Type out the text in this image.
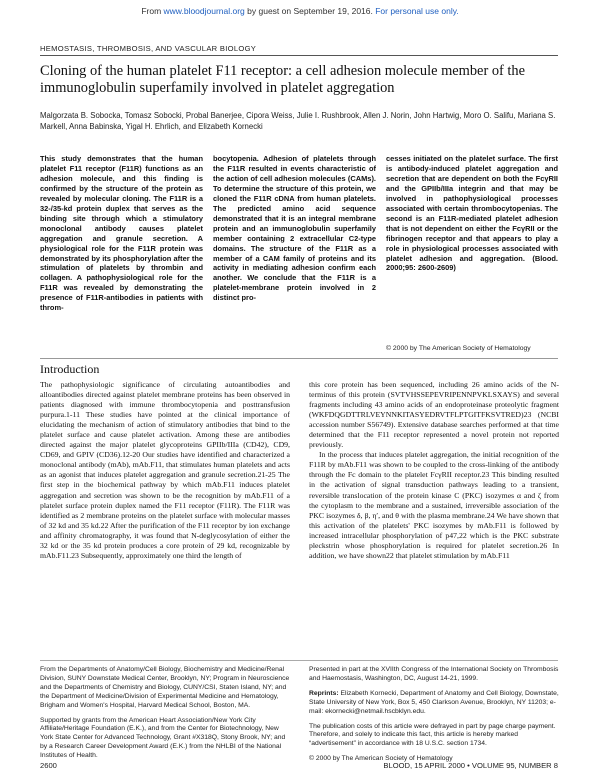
From www.bloodjournal.org by guest on September 19, 2016. For personal use only.
HEMOSTASIS, THROMBOSIS, AND VASCULAR BIOLOGY
Cloning of the human platelet F11 receptor: a cell adhesion molecule member of the immunoglobulin superfamily involved in platelet aggregation
Malgorzata B. Sobocka, Tomasz Sobocki, Probal Banerjee, Cipora Weiss, Julie I. Rushbrook, Allen J. Norin, John Hartwig, Moro O. Salifu, Mariana S. Markell, Anna Babinska, Yigal H. Ehrlich, and Elizabeth Kornecki
This study demonstrates that the human platelet F11 receptor (F11R) functions as an adhesion molecule, and this finding is confirmed by the structure of the protein as revealed by molecular cloning. The F11R is a 32-/35-kd protein duplex that serves as the binding site through which a stimulatory monoclonal antibody causes platelet aggregation and granule secretion. A physiological role for the F11R protein was demonstrated by its phosphorylation after the stimulation of platelets by thrombin and collagen. A pathophysiological role for the F11R was revealed by demonstrating the presence of F11R-antibodies in patients with throm-
bocytopenia. Adhesion of platelets through the F11R resulted in events characteristic of the action of cell adhesion molecules (CAMs). To determine the structure of this protein, we cloned the F11R cDNA from human platelets. The predicted amino acid sequence demonstrated that it is an integral membrane protein and an immunoglobulin superfamily member containing 2 extracellular C2-type domains. The structure of the F11R as a member of a CAM family of proteins and its activity in mediating adhesion confirm each another. We conclude that the F11R is a platelet-membrane protein involved in 2 distinct pro-
cesses initiated on the platelet surface. The first is antibody-induced platelet aggregation and secretion that are dependent on both the FcγRII and the GPIIb/IIIa integrin and that may be involved in pathophysiological processes associated with certain thrombocytopenias. The second is an F11R-mediated platelet adhesion that is not dependent on either the FcγRII or the fibrinogen receptor and that appears to play a role in physiological processes associated with platelet adhesion and aggregation. (Blood. 2000;95: 2600-2609)
© 2000 by The American Society of Hematology
Introduction

The pathophysiologic significance of circulating autoantibodies and alloantibodies directed against platelet membrane proteins has been observed in patients diagnosed with immune thrombocytopenia and posttransfusion purpura.1-11 These studies have pointed at the clinical importance of elucidating the mechanism of action of stimulatory antibodies that bind to the platelet surface and cause platelet activation. Among these are antibodies directed against the major platelet glycoproteins GPIIb/IIIa (CD42), CD9, CD69, and GPIV (CD36).12-20 Our studies have identified and characterized a monoclonal antibody (mAb), mAb.F11, that stimulates human platelets and acts as an agonist that induces platelet aggregation and granule secretion.21-25 The first step in the biochemical pathway by which mAb.F11 induces platelet aggregation and secretion was shown to be the recognition by mAb.F11 of a platelet surface protein duplex named the F11 receptor (F11R). The F11R was identified as 2 membrane proteins on the platelet surface with molecular masses of 32 kd and 35 kd.22 After the purification of the F11 receptor by ion exchange and affinity chromatography, it was found that N-deglycosylation of either the 32 kd or the 35 kd protein produces a core protein of 29 kd, recognizable by mAb.F11.23 Subsequently, approximately one third the length of

this core protein has been sequenced, including 26 amino acids of the N-terminus of this protein (SVTVHSSEPEVRIPENNPVKLSXAYS) and several fragments including 43 amino acids of an endoproteinase proteolytic fragment (WKFDQGDTTRLVEYNNKITASYEDRVTFLPTGITFKSVTRED)23 (NCBI accession number S56749). Extensive database searches performed at that time determined that the F11 receptor represented a novel protein not reported previously.

In the process that induces platelet aggregation, the initial recognition of the F11R by mAb.F11 was shown to be coupled to the cross-linking of the antibody through the Fc domain to the platelet FcγRII receptor.23 This binding resulted in the activation of signal transduction pathways leading to a transient, reversible translocation of the protein kinase C (PKC) isozymes α and ζ from the cytoplasm to the membrane and a sustained, irreversible association of the PKC isozymes δ, β, η′, and θ with the plasma membrane.24 We have shown that this activation of the platelets' PKC isozymes by mAb.F11 is followed by increased intracellular phosphorylation of p47,22 which is the PKC substrate pleckstrin whose phosphorylation is required for platelet secretion.26 In addition, we have shown22 that platelet stimulation by mAb.F11

From the Departments of Anatomy/Cell Biology, Biochemistry and Medicine/Renal Division, SUNY Downstate Medical Center, Brooklyn, NY; Program in Neuroscience and the Departments of Chemistry and Biology, CUNY/CSI, Staten Island, NY; and the Department of Medicine/Division of Experimental Medicine and Hematology, Brigham and Women's Hospital, Harvard Medical School, Boston, MA.

Supported by grants from the American Heart Association/New York City Affiliate/Heritage Foundation (E.K.), and from the Center for Biotechnology, New York State Center for Advanced Technology, Grant #X318Q, Stony Brook, NY; and by a Research Career Development Award (E.K.) from the NHLBI of the National Institutes of Health.

Presented in part at the XVIIth Congress of the International Society on Thrombosis and Haemostasis, Washington, DC, August 14-21, 1999.

Reprints: Elizabeth Kornecki, Department of Anatomy and Cell Biology, Downstate, State University of New York, Box 5, 450 Clarkson Avenue, Brooklyn, NY 11203; e-mail: ekornecki@netmail.hscbklyn.edu.

The publication costs of this article were defrayed in part by page charge payment. Therefore, and solely to indicate this fact, this article is hereby marked “advertisement” in accordance with 18 U.S.C. section 1734.

© 2000 by The American Society of Hematology

2600	BLOOD, 15 APRIL 2000 • VOLUME 95, NUMBER 8
